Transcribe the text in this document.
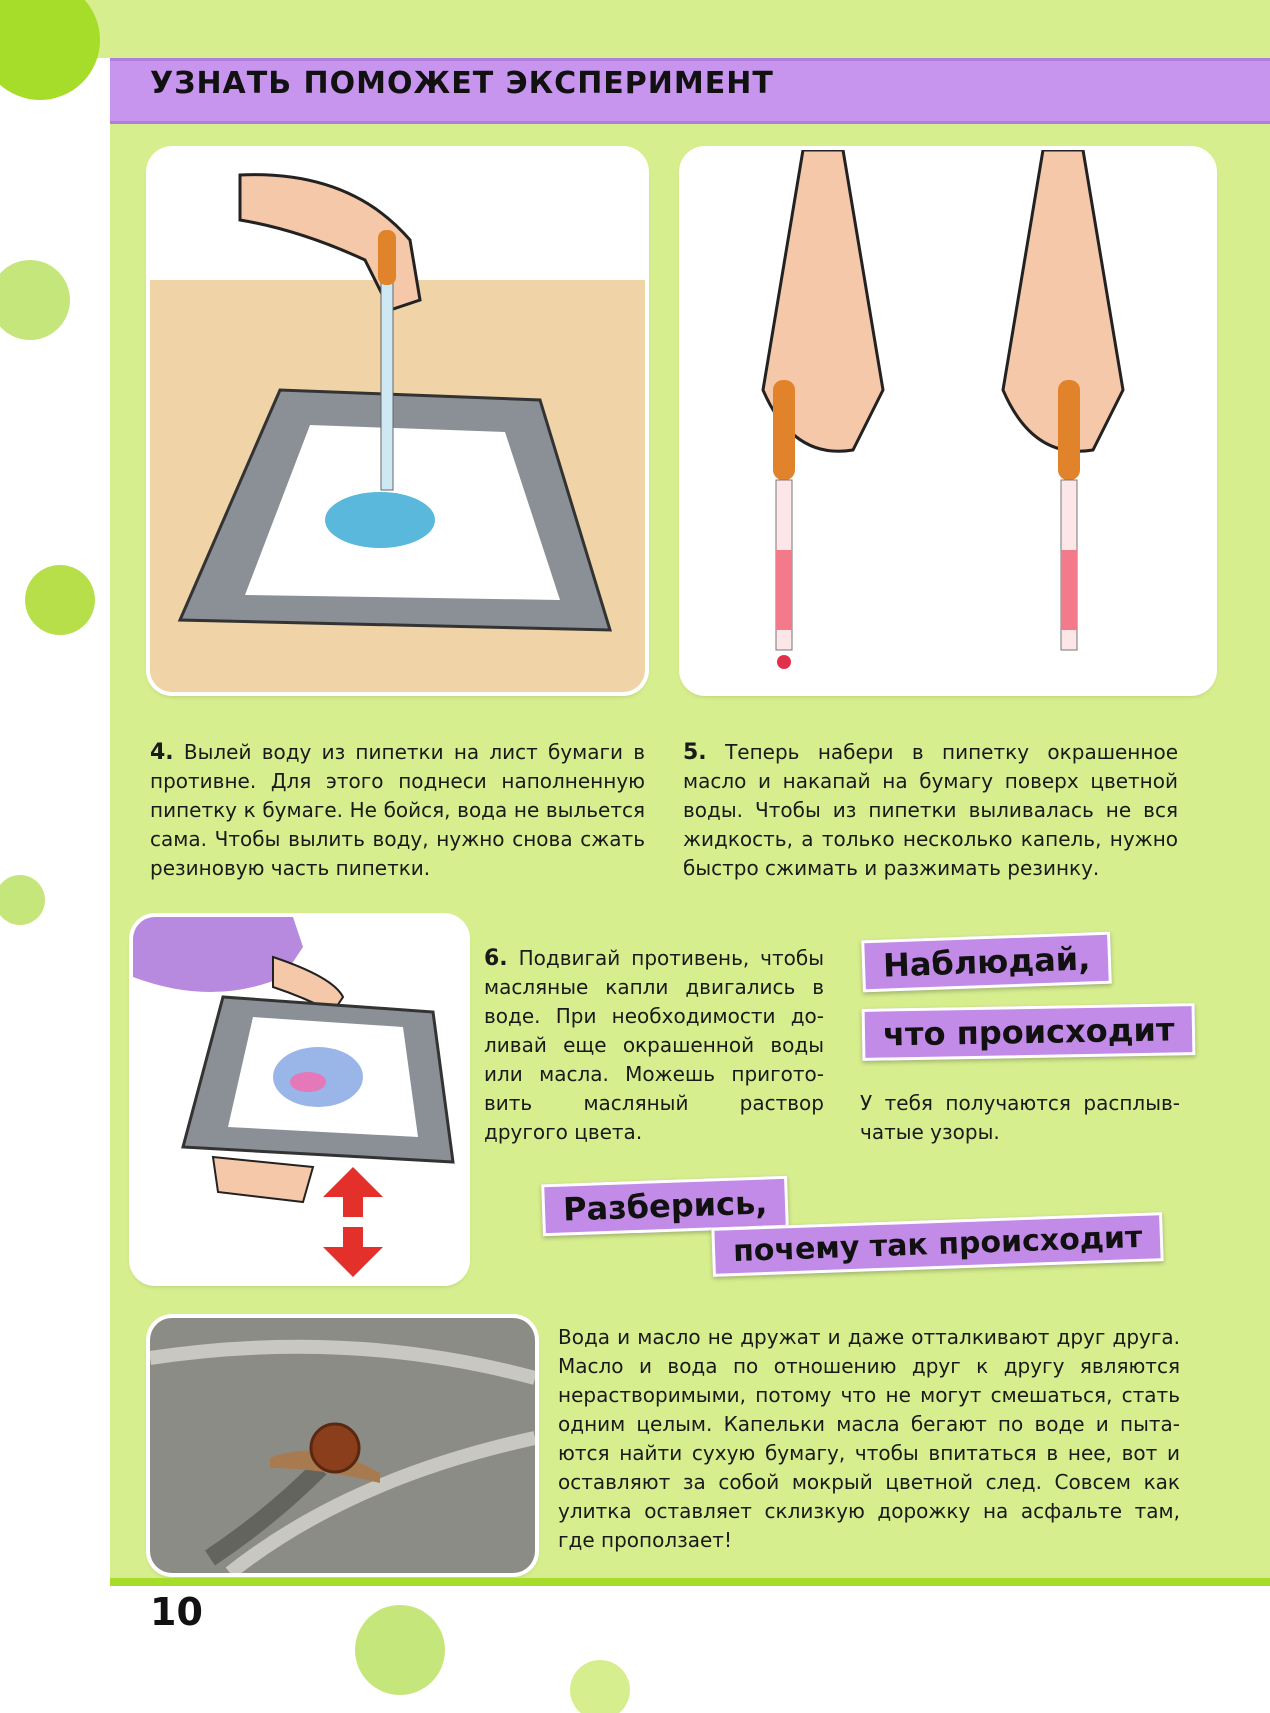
УЗНАТЬ ПОМОЖЕТ ЭКСПЕРИМЕНТ
4. Вылей воду из пипетки на лист бумаги в противне. Для этого поднеси наполненную пипетку к бумаге. Не бойся, вода не выльется сама. Чтобы вылить воду, нужно снова сжать резиновую часть пипетки.
5. Теперь набери в пипетку окрашенное масло и накапай на бумагу поверх цветной воды. Чтобы из пипетки выливалась не вся жидкость, а только несколько капель, нужно быстро сжимать и разжимать резинку.
6. Подвигай противень, чтобы масляные капли двигались в воде. При необходимости доливай еще окрашенной воды или масла. Можешь приготовить масляный раствор другого цвета.
Наблюдай,
что происходит
У тебя получаются расплывчатые узоры.
Разберись,
почему так происходит
Вода и масло не дружат и даже отталкивают друг друга. Масло и вода по отношению друг к другу являются нерастворимыми, потому что не могут смешаться, стать одним целым. Капельки масла бегают по воде и пытаются найти сухую бумагу, чтобы впитаться в нее, вот и оставляют за собой мокрый цветной след. Совсем как улитка оставляет склизкую дорожку на асфальте там, где проползает!
10
